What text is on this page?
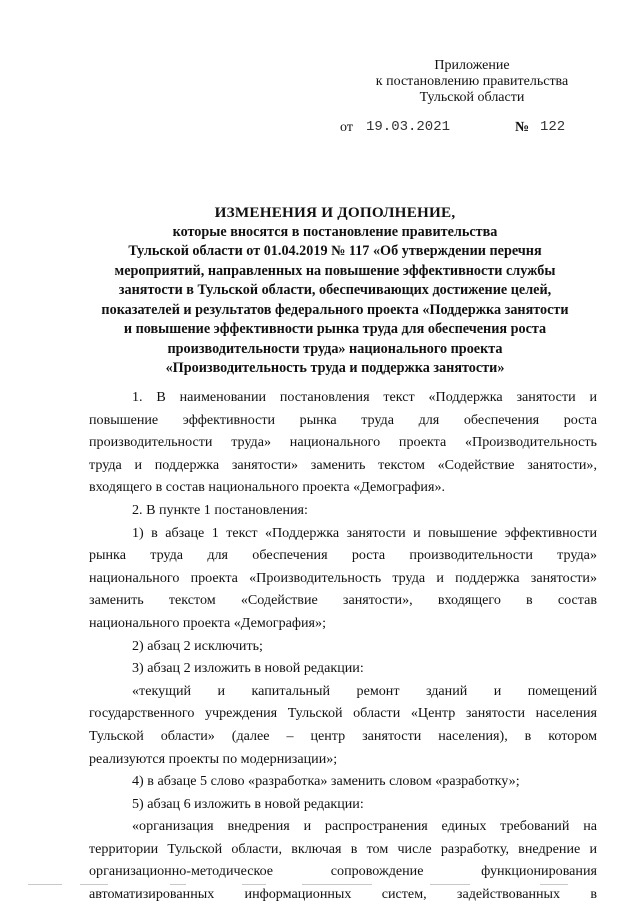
Приложение
к постановлению правительства
Тульской области
от 19.03.2021	№ 122
ИЗМЕНЕНИЯ И ДОПОЛНЕНИЕ,
которые вносятся в постановление правительства
Тульской области от 01.04.2019 № 117 «Об утверждении перечня
мероприятий, направленных на повышение эффективности службы
занятости в Тульской области, обеспечивающих достижение целей,
показателей и результатов федерального проекта «Поддержка занятости
и повышение эффективности рынка труда для обеспечения роста
производительности труда» национального проекта
«Производительность труда и поддержка занятости»
1. В наименовании постановления текст «Поддержка занятости и
повышение эффективности рынка труда для обеспечения роста
производительности труда» национального проекта «Производительность
труда и поддержка занятости» заменить текстом «Содействие занятости»,
входящего в состав национального проекта «Демография».
2. В пункте 1 постановления:
1) в абзаце 1 текст «Поддержка занятости и повышение эффективности
рынка труда для обеспечения роста производительности труда»
национального проекта «Производительность труда и поддержка занятости»
заменить текстом «Содействие занятости», входящего в состав
национального проекта «Демография»;
2) абзац 2 исключить;
3) абзац 2 изложить в новой редакции:
«текущий и капитальный ремонт зданий и помещений
государственного учреждения Тульской области «Центр занятости населения
Тульской области» (далее – центр занятости населения), в котором
реализуются проекты по модернизации»;
4) в абзаце 5 слово «разработка» заменить словом «разработку»;
5) абзац 6 изложить в новой редакции:
«организация внедрения и распространения единых требований на
территории Тульской области, включая в том числе разработку, внедрение и
организационно-методическое сопровождение функционирования
автоматизированных информационных систем, задействованных в
